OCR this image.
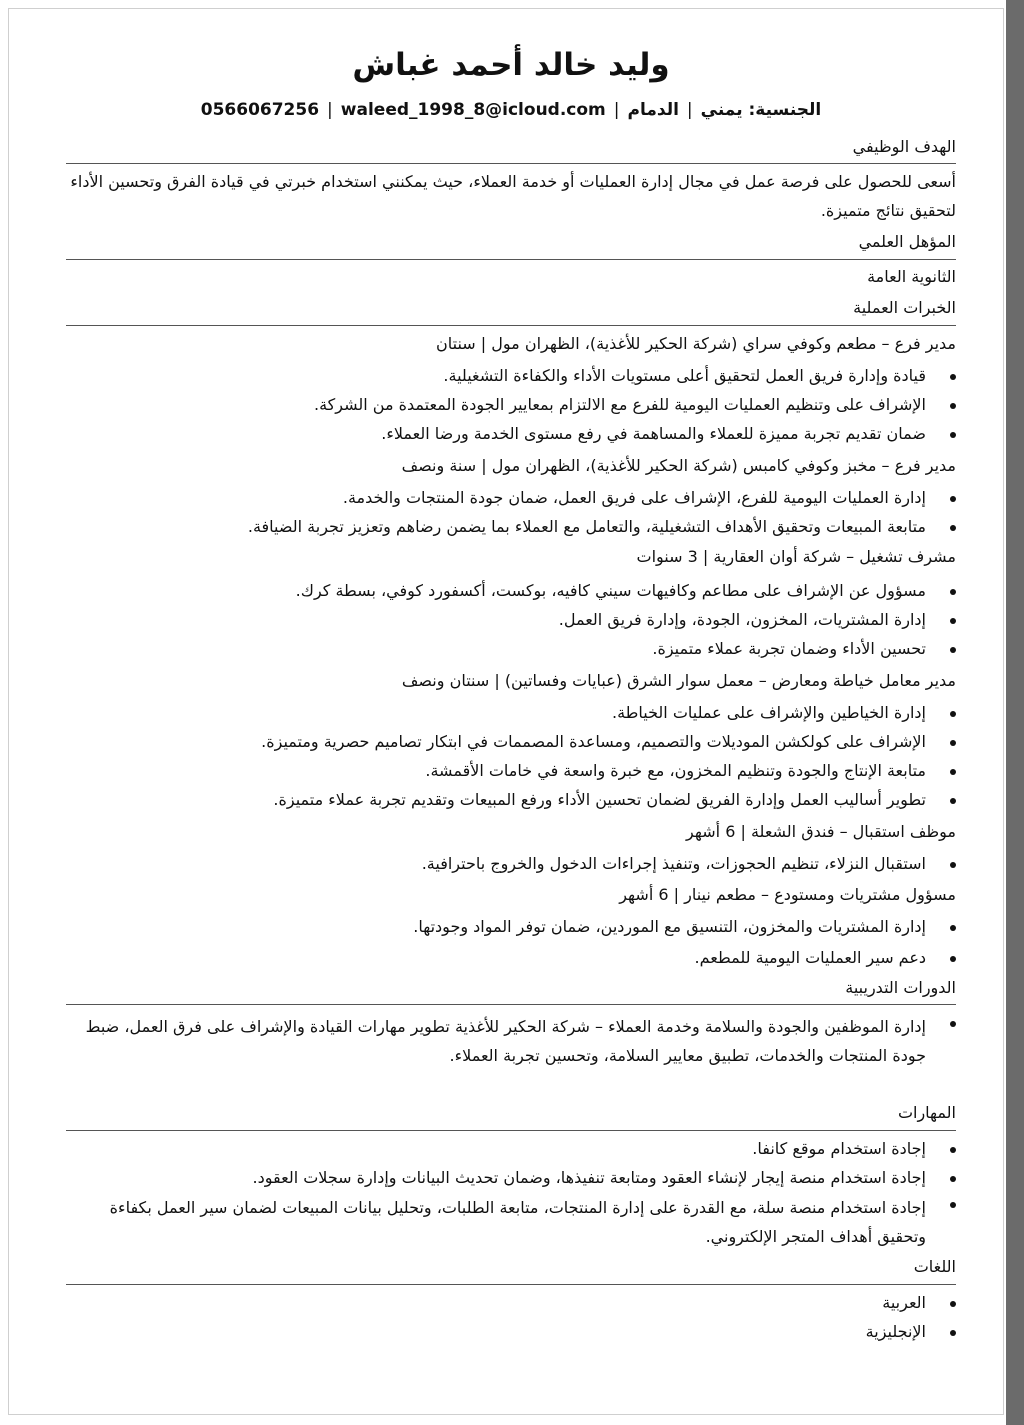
وليد خالد أحمد غباش
الجنسية: يمني|الدمام|waleed_1998_8@icloud.com|0566067256
الهدف الوظيفي
أسعى للحصول على فرصة عمل في مجال إدارة العمليات أو خدمة العملاء، حيث يمكنني استخدام خبرتي في قيادة الفرق وتحسين الأداء لتحقيق نتائج متميزة.
المؤهل العلمي
الثانوية العامة
الخبرات العملية
مدير فرع – مطعم وكوفي سراي (شركة الحكير للأغذية)، الظهران مول | سنتان
قيادة وإدارة فريق العمل لتحقيق أعلى مستويات الأداء والكفاءة التشغيلية.
الإشراف على وتنظيم العمليات اليومية للفرع مع الالتزام بمعايير الجودة المعتمدة من الشركة.
ضمان تقديم تجربة مميزة للعملاء والمساهمة في رفع مستوى الخدمة ورضا العملاء.
مدير فرع – مخبز وكوفي كامبس (شركة الحكير للأغذية)، الظهران مول | سنة ونصف
إدارة العمليات اليومية للفرع، الإشراف على فريق العمل، ضمان جودة المنتجات والخدمة.
متابعة المبيعات وتحقيق الأهداف التشغيلية، والتعامل مع العملاء بما يضمن رضاهم وتعزيز تجربة الضيافة.
مشرف تشغيل – شركة أوان العقارية | 3 سنوات
مسؤول عن الإشراف على مطاعم وكافيهات سيني كافيه، بوكست، أكسفورد كوفي، بسطة كرك.
إدارة المشتريات، المخزون، الجودة، وإدارة فريق العمل.
تحسين الأداء وضمان تجربة عملاء متميزة.
مدير معامل خياطة ومعارض – معمل سوار الشرق (عبايات وفساتين) | سنتان ونصف
إدارة الخياطين والإشراف على عمليات الخياطة.
الإشراف على كولكشن الموديلات والتصميم، ومساعدة المصممات في ابتكار تصاميم حصرية ومتميزة.
متابعة الإنتاج والجودة وتنظيم المخزون، مع خبرة واسعة في خامات الأقمشة.
تطوير أساليب العمل وإدارة الفريق لضمان تحسين الأداء ورفع المبيعات وتقديم تجربة عملاء متميزة.
موظف استقبال – فندق الشعلة | 6 أشهر
استقبال النزلاء، تنظيم الحجوزات، وتنفيذ إجراءات الدخول والخروج باحترافية.
مسؤول مشتريات ومستودع – مطعم نينار | 6 أشهر
إدارة المشتريات والمخزون، التنسيق مع الموردين، ضمان توفر المواد وجودتها.
دعم سير العمليات اليومية للمطعم.
الدورات التدريبية
إدارة الموظفين والجودة والسلامة وخدمة العملاء – شركة الحكير للأغذية تطوير مهارات القيادة والإشراف على فرق العمل، ضبط جودة المنتجات والخدمات، تطبيق معايير السلامة، وتحسين تجربة العملاء.
المهارات
إجادة استخدام موقع كانفا.
إجادة استخدام منصة إيجار لإنشاء العقود ومتابعة تنفيذها، وضمان تحديث البيانات وإدارة سجلات العقود.
إجادة استخدام منصة سلة، مع القدرة على إدارة المنتجات، متابعة الطلبات، وتحليل بيانات المبيعات لضمان سير العمل بكفاءة وتحقيق أهداف المتجر الإلكتروني.
اللغات
العربية
الإنجليزية
